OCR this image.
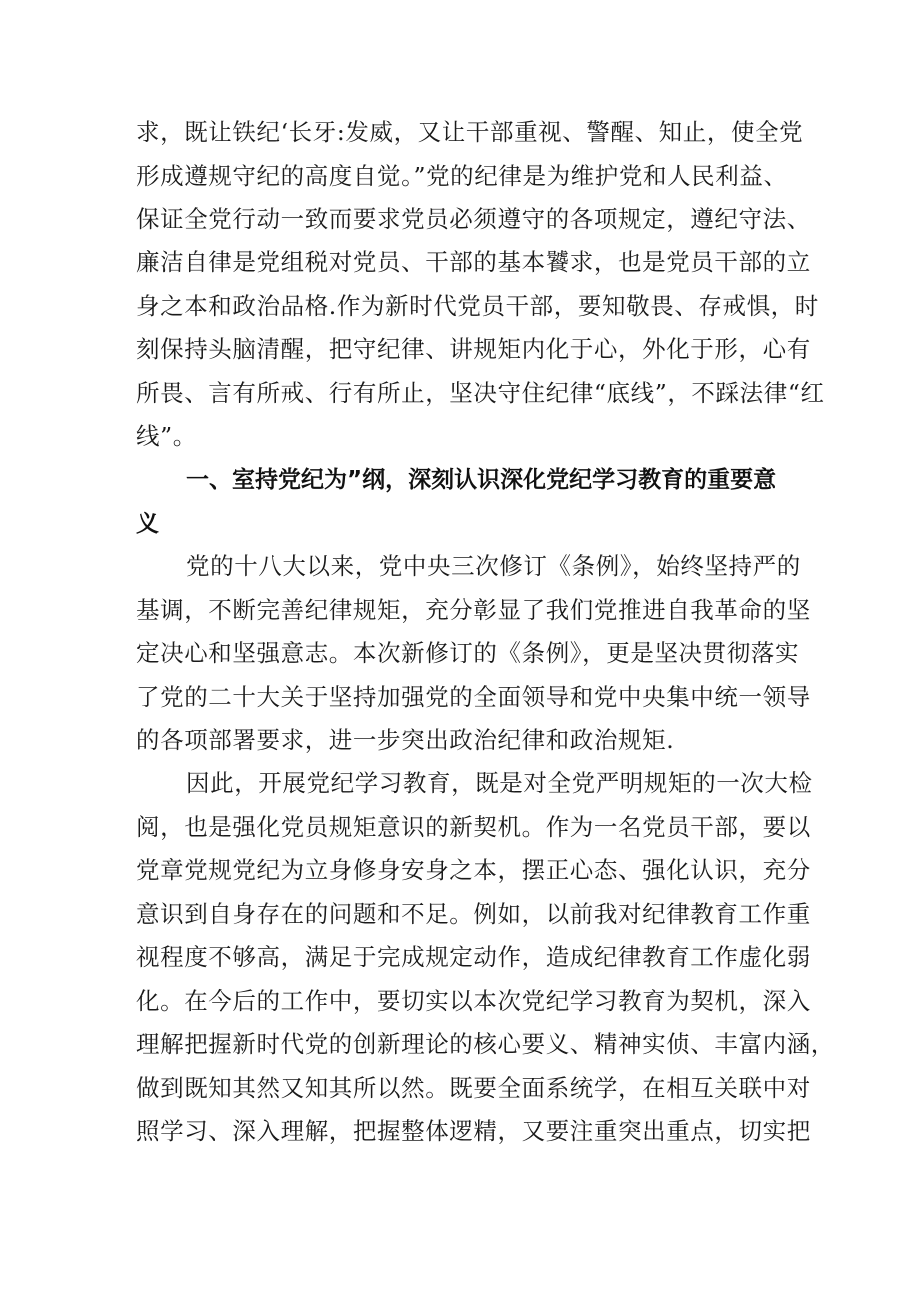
求，既让铁纪‘长牙:发威，又让干部重视、警醒、知止，使全党
形成遵规守纪的高度自觉。”党的纪律是为维护党和人民利益、
保证全党行动一致而要求党员必须遵守的各项规定，遵纪守法、
廉洁自律是党组税对党员、干部的基本饕求，也是党员干部的立
身之本和政治品格.作为新时代党员干部，要知敬畏、存戒惧，时
刻保持头脑清醒，把守纪律、讲规矩内化于心，外化于形，心有
所畏、言有所戒、行有所止，坚决守住纪律“底线”，不踩法律“红
线”。
一、室持党纪为”纲，深刻认识深化党纪学习教育的重要意
义
党的十八大以来，党中央三次修订《条例》，始终坚持严的
基调，不断完善纪律规矩，充分彰显了我们党推进自我革命的坚
定决心和坚强意志。本次新修订的《条例》，更是坚决贯彻落实
了党的二十大关于坚持加强党的全面领导和党中央集中统一领导
的各项部署要求，进一步突出政治纪律和政治规矩.
因此，开展党纪学习教育，既是对全党严明规矩的一次大检
阅，也是强化党员规矩意识的新契机。作为一名党员干部，要以
党章党规党纪为立身修身安身之本，摆正心态、强化认识，充分
意识到自身存在的问题和不足。例如，以前我对纪律教育工作重
视程度不够高，满足于完成规定动作，造成纪律教育工作虚化弱
化。在今后的工作中，要切实以本次党纪学习教育为契机，深入
理解把握新时代党的创新理论的核心要义、精神实侦、丰富内涵，
做到既知其然又知其所以然。既要全面系统学，在相互关联中对
照学习、深入理解，把握整体逻精，又要注重突出重点，切实把
